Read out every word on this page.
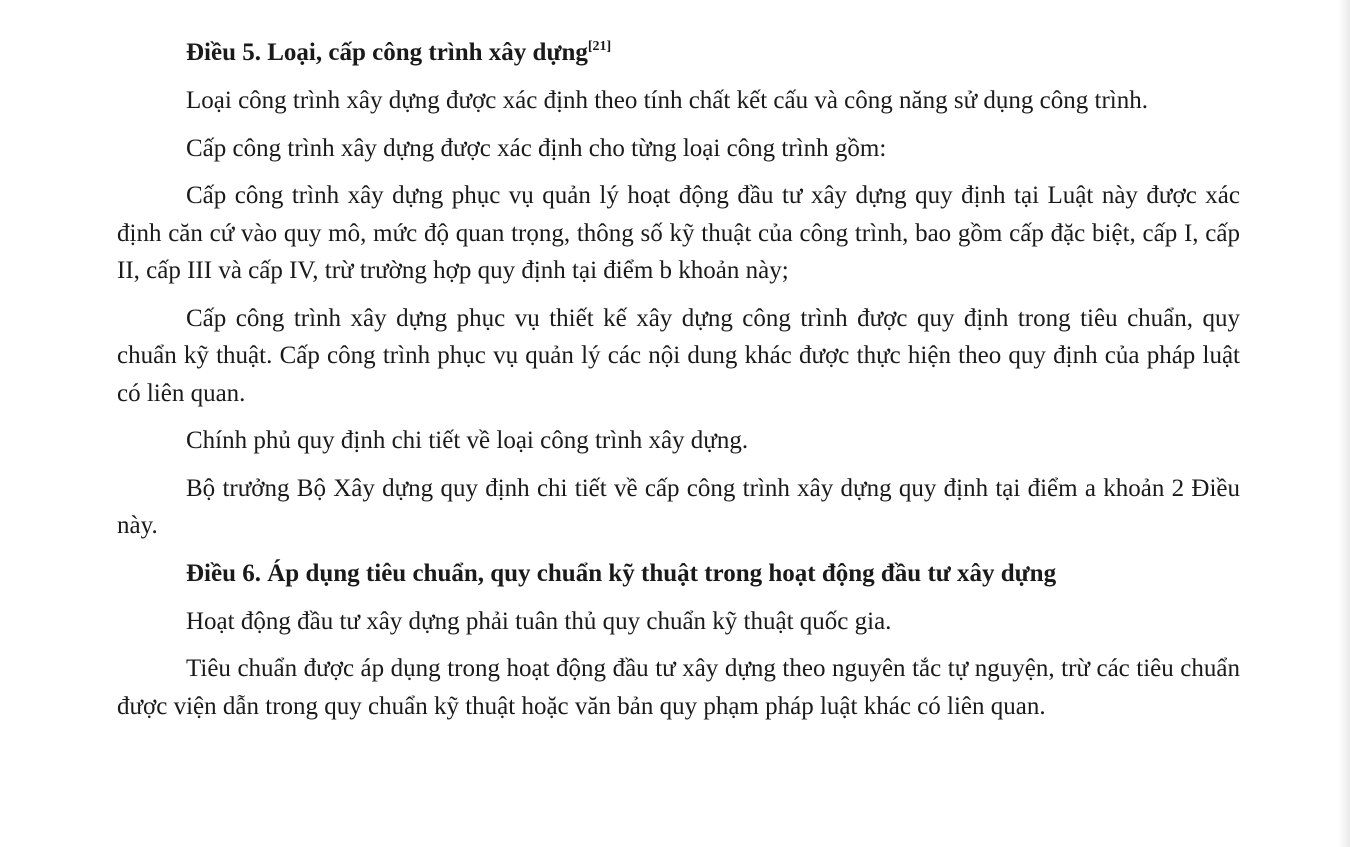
Điều 5. Loại, cấp công trình xây dựng[21]

Loại công trình xây dựng được xác định theo tính chất kết cấu và công năng sử dụng công trình.

Cấp công trình xây dựng được xác định cho từng loại công trình gồm:

Cấp công trình xây dựng phục vụ quản lý hoạt động đầu tư xây dựng quy định tại Luật này được xác định căn cứ vào quy mô, mức độ quan trọng, thông số kỹ thuật của công trình, bao gồm cấp đặc biệt, cấp I, cấp II, cấp III và cấp IV, trừ trường hợp quy định tại điểm b khoản này;

Cấp công trình xây dựng phục vụ thiết kế xây dựng công trình được quy định trong tiêu chuẩn, quy chuẩn kỹ thuật. Cấp công trình phục vụ quản lý các nội dung khác được thực hiện theo quy định của pháp luật có liên quan.

Chính phủ quy định chi tiết về loại công trình xây dựng.

Bộ trưởng Bộ Xây dựng quy định chi tiết về cấp công trình xây dựng quy định tại điểm a khoản 2 Điều này.

Điều 6. Áp dụng tiêu chuẩn, quy chuẩn kỹ thuật trong hoạt động đầu tư xây dựng

Hoạt động đầu tư xây dựng phải tuân thủ quy chuẩn kỹ thuật quốc gia.

Tiêu chuẩn được áp dụng trong hoạt động đầu tư xây dựng theo nguyên tắc tự nguyện, trừ các tiêu chuẩn được viện dẫn trong quy chuẩn kỹ thuật hoặc văn bản quy phạm pháp luật khác có liên quan.
